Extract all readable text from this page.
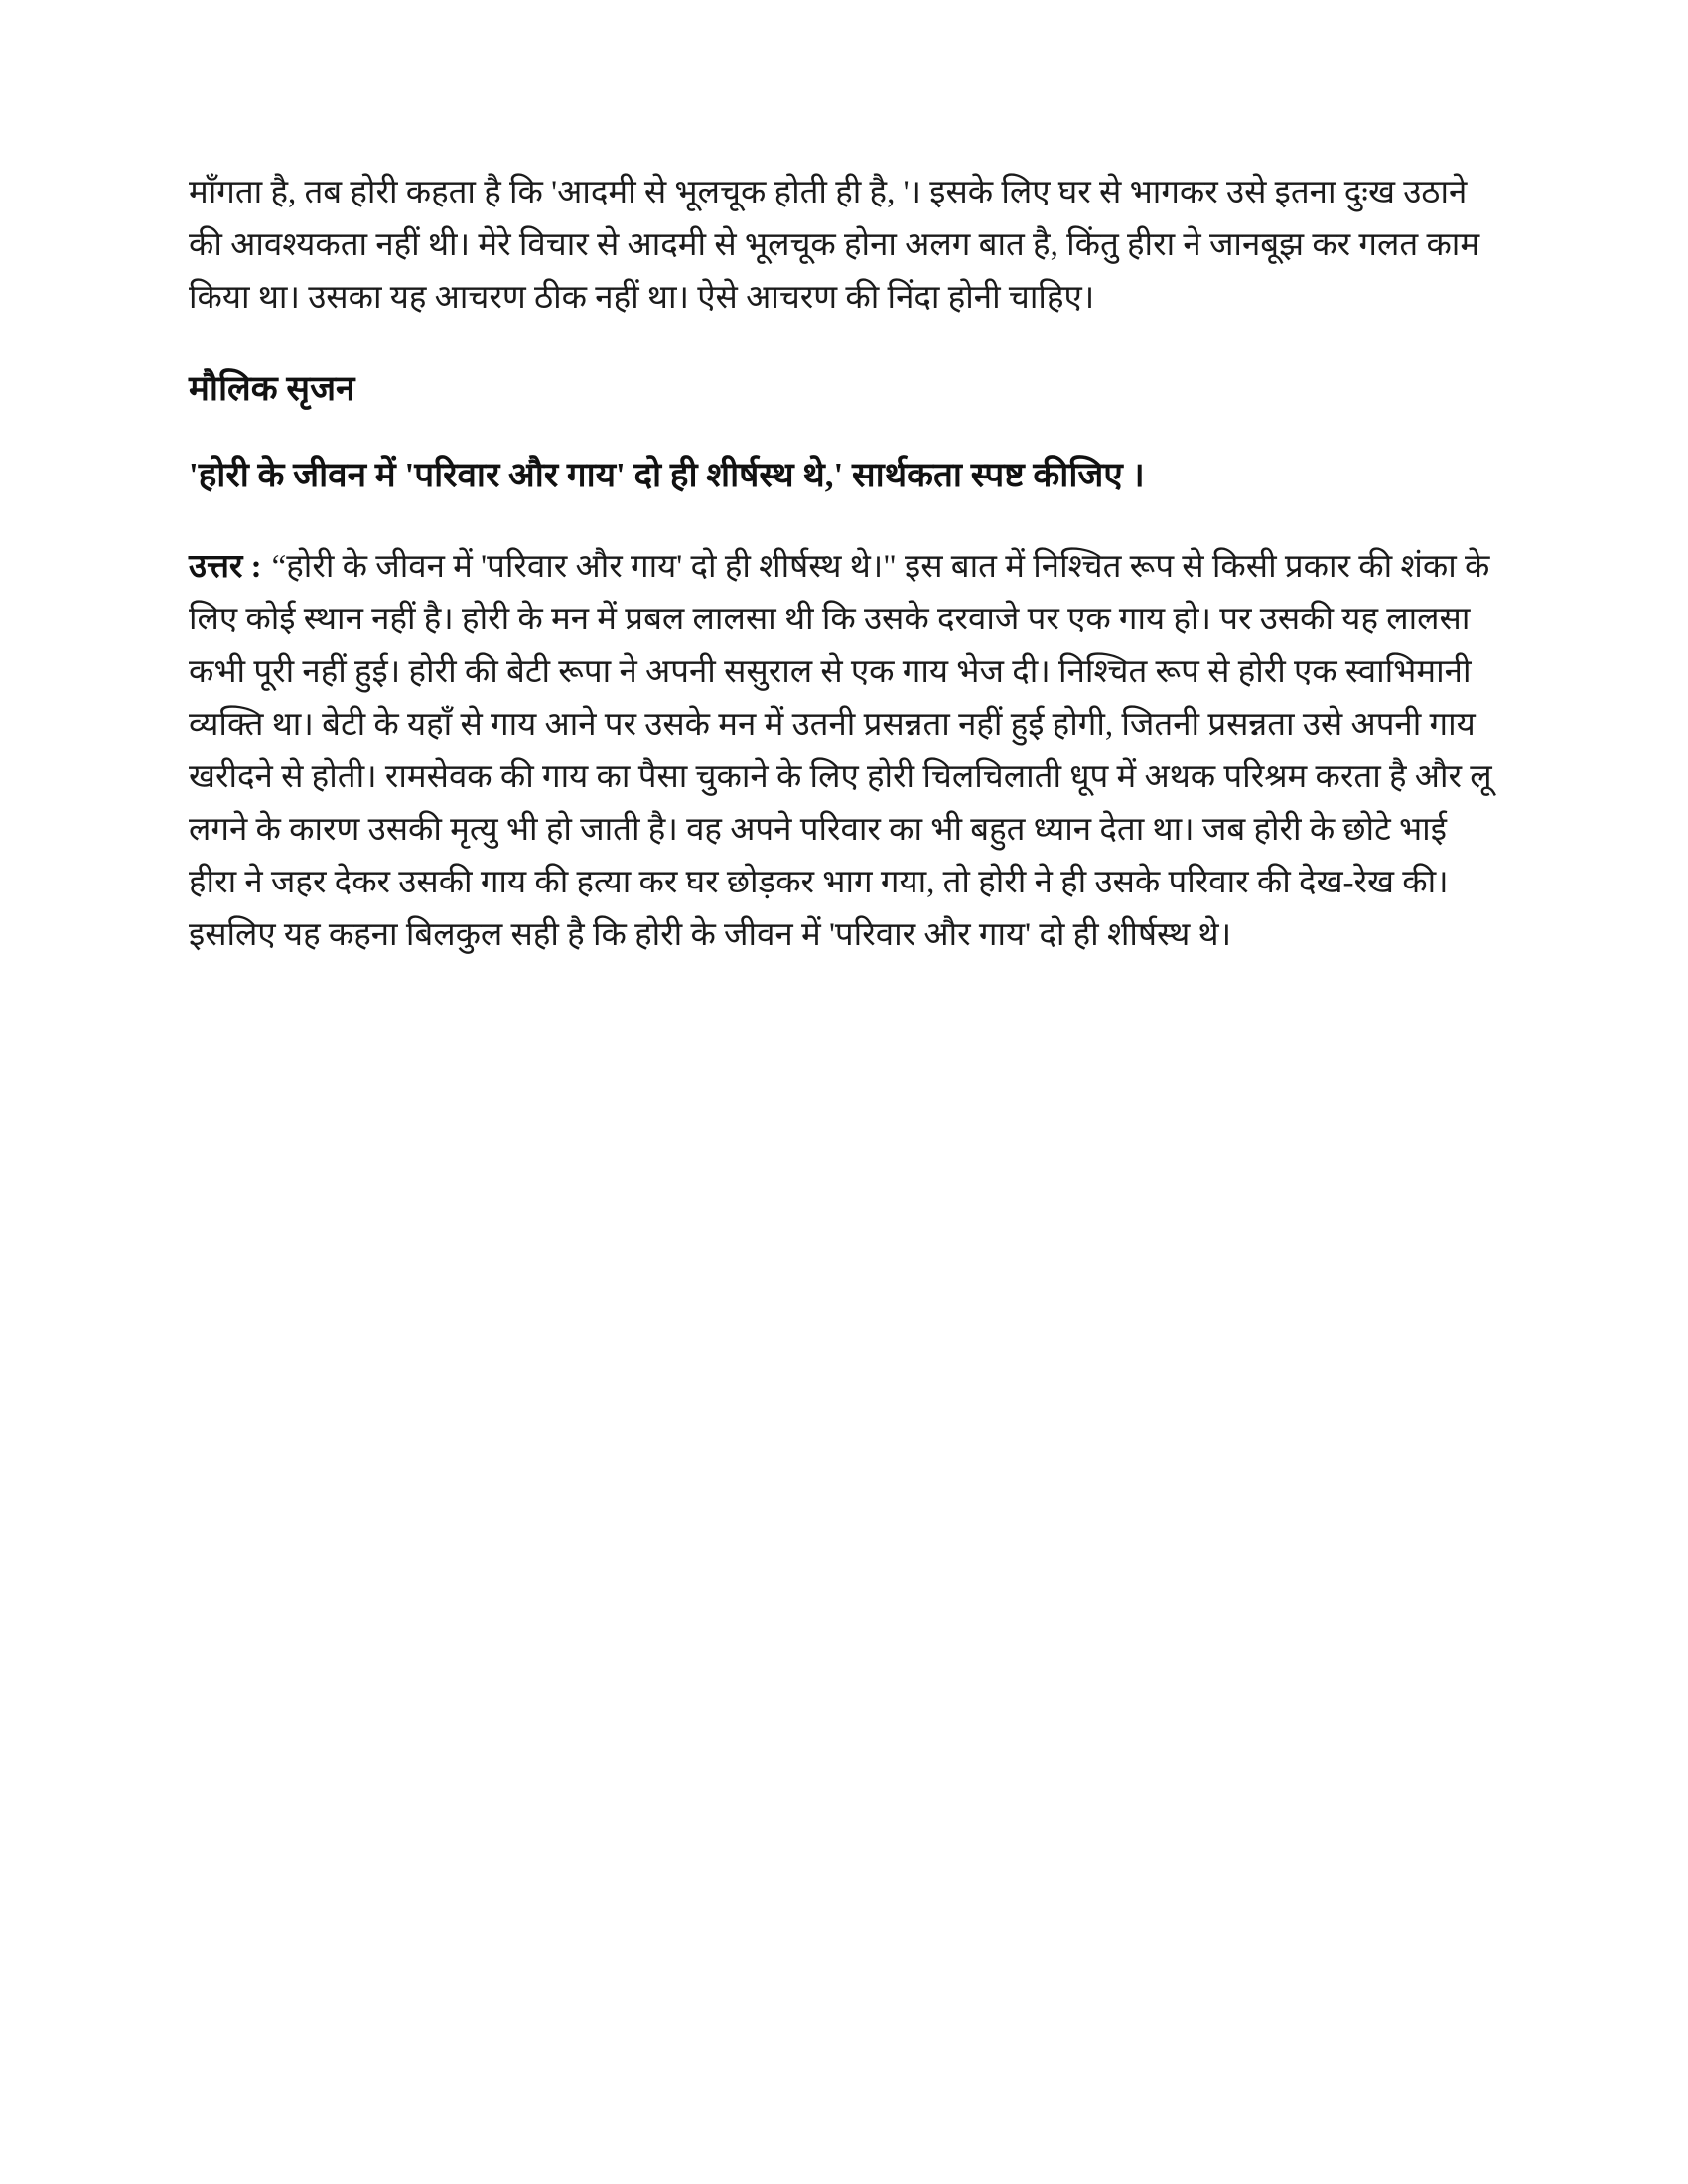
माँगता है, तब होरी कहता है कि 'आदमी से भूलचूक होती ही है, '। इसके लिए घर से भागकर उसे इतना दुःख उठाने की आवश्यकता नहीं थी। मेरे विचार से आदमी से भूलचूक होना अलग बात है, किंतु हीरा ने जानबूझ कर गलत काम किया था। उसका यह आचरण ठीक नहीं था। ऐसे आचरण की निंदा होनी चाहिए।

मौलिक सृजन
'होरी के जीवन में 'परिवार और गाय' दो ही शीर्षस्थ थे,' सार्थकता स्पष्ट कीजिए ।

उत्तर : “होरी के जीवन में 'परिवार और गाय' दो ही शीर्षस्थ थे।" इस बात में निश्चित रूप से किसी प्रकार की शंका के लिए कोई स्थान नहीं है। होरी के मन में प्रबल लालसा थी कि उसके दरवाजे पर एक गाय हो। पर उसकी यह लालसा कभी पूरी नहीं हुई। होरी की बेटी रूपा ने अपनी ससुराल से एक गाय भेज दी। निश्चित रूप से होरी एक स्वाभिमानी व्यक्ति था। बेटी के यहाँ से गाय आने पर उसके मन में उतनी प्रसन्नता नहीं हुई होगी, जितनी प्रसन्नता उसे अपनी गाय खरीदने से होती। रामसेवक की गाय का पैसा चुकाने के लिए होरी चिलचिलाती धूप में अथक परिश्रम करता है और लू लगने के कारण उसकी मृत्यु भी हो जाती है। वह अपने परिवार का भी बहुत ध्यान देता था। जब होरी के छोटे भाई हीरा ने जहर देकर उसकी गाय की हत्या कर घर छोड़कर भाग गया, तो होरी ने ही उसके परिवार की देख-रेख की। इसलिए यह कहना बिलकुल सही है कि होरी के जीवन में 'परिवार और गाय' दो ही शीर्षस्थ थे।
